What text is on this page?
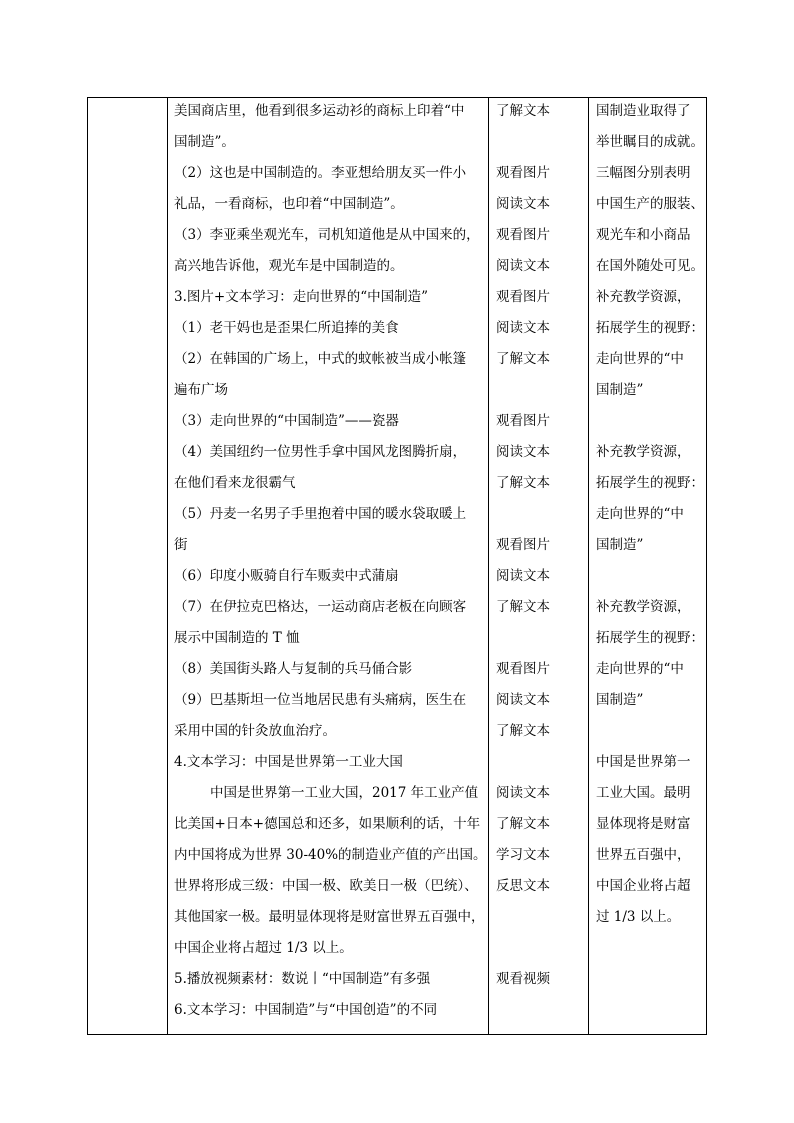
美国商店里，他看到很多运动衫的商标上印着“中
国制造”。
（2）这也是中国制造的。李亚想给朋友买一件小
礼品，一看商标，也印着“中国制造”。
（3）李亚乘坐观光车，司机知道他是从中国来的，
高兴地告诉他，观光车是中国制造的。
3.图片+文本学习：走向世界的“中国制造”
（1）老干妈也是歪果仁所追捧的美食
（2）在韩国的广场上，中式的蚊帐被当成小帐篷
遍布广场
（3）走向世界的“中国制造”——瓷器
（4）美国纽约一位男性手拿中国风龙图腾折扇，
在他们看来龙很霸气
（5）丹麦一名男子手里抱着中国的暖水袋取暖上
街
（6）印度小贩骑自行车贩卖中式蒲扇
（7）在伊拉克巴格达，一运动商店老板在向顾客
展示中国制造的 T 恤
（8）美国街头路人与复制的兵马俑合影
（9）巴基斯坦一位当地居民患有头痛病，医生在
采用中国的针灸放血治疗。
4.文本学习：中国是世界第一工业大国
中国是世界第一工业大国，2017 年工业产值
比美国+日本+德国总和还多，如果顺利的话，十年
内中国将成为世界 30-40%的制造业产值的产出国。
世界将形成三级：中国一极、欧美日一极（巴统）、
其他国家一极。最明显体现将是财富世界五百强中，
中国企业将占超过 1/3 以上。
5.播放视频素材：数说丨“中国制造”有多强
6.文本学习：中国制造”与“中国创造”的不同
了解文本
观看图片
阅读文本
观看图片
阅读文本
观看图片
阅读文本
了解文本
观看图片
阅读文本
了解文本
观看图片
阅读文本
了解文本
观看图片
阅读文本
了解文本
阅读文本
了解文本
学习文本
反思文本
观看视频
国制造业取得了
举世瞩目的成就。
三幅图分别表明
中国生产的服装、
观光车和小商品
在国外随处可见。
补充教学资源，
拓展学生的视野：
走向世界的“中
国制造”
补充教学资源，
拓展学生的视野：
走向世界的“中
国制造”
补充教学资源，
拓展学生的视野：
走向世界的“中
国制造”
中国是世界第一
工业大国。最明
显体现将是财富
世界五百强中，
中国企业将占超
过 1/3 以上。
